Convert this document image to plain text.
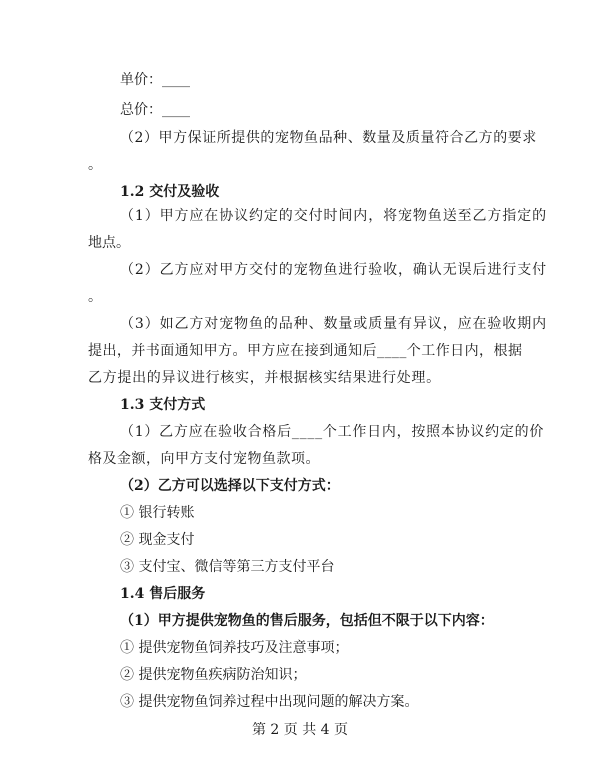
单价：____
总价：____
（2）甲方保证所提供的宠物鱼品种、数量及质量符合乙方的要求
。
1.2 交付及验收
（1）甲方应在协议约定的交付时间内，将宠物鱼送至乙方指定的
地点。
（2）乙方应对甲方交付的宠物鱼进行验收，确认无误后进行支付
。
（3）如乙方对宠物鱼的品种、数量或质量有异议，应在验收期内
提出，并书面通知甲方。甲方应在接到通知后____个工作日内，根据
乙方提出的异议进行核实，并根据核实结果进行处理。
1.3 支付方式
（1）乙方应在验收合格后____个工作日内，按照本协议约定的价
格及金额，向甲方支付宠物鱼款项。
（2）乙方可以选择以下支付方式：
① 银行转账
② 现金支付
③ 支付宝、微信等第三方支付平台
1.4 售后服务
（1）甲方提供宠物鱼的售后服务，包括但不限于以下内容：
① 提供宠物鱼饲养技巧及注意事项；
② 提供宠物鱼疾病防治知识；
③ 提供宠物鱼饲养过程中出现问题的解决方案。
第 2 页 共 4 页
